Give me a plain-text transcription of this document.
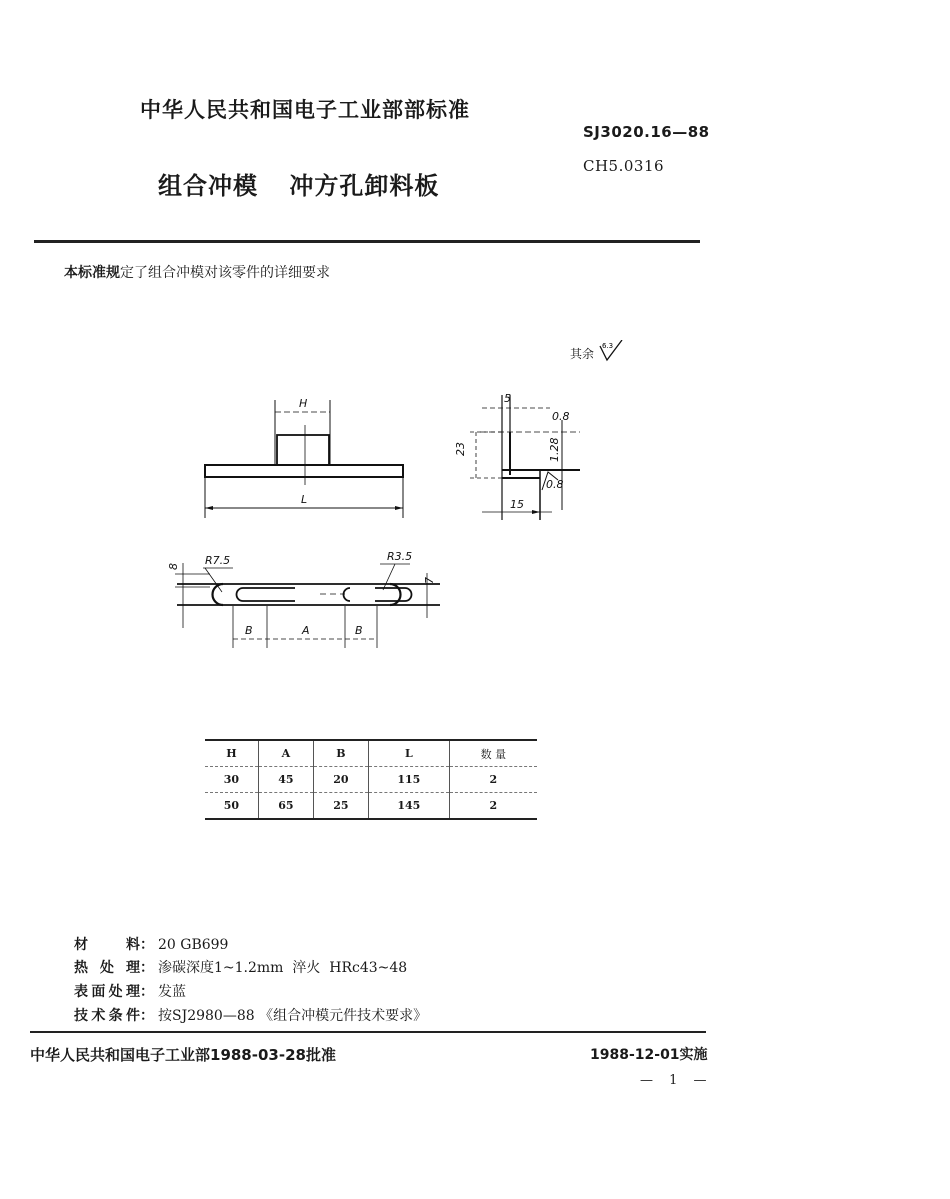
中华人民共和国电子工业部部标准
SJ3020.16—88
CH5.0316
组合冲模 冲方孔卸料板
本标准规定了组合冲模对该零件的详细要求
其余
6.3
H
L
5
0.8
1.28
0.8
23
15
8 R7.5	R3.5
7
B	A	B
H	A	B	L	数 量
30	45	20	115	2
50	65	25	145	2
材料： 20 GB699
热处理： 渗碳深度1~1.2mm  淬火  HRc43~48
表面处理： 发蓝
技术条件： 按SJ2980—88 《组合冲模元件技术要求》
中华人民共和国电子工业部1988-03-28批准	1988-12-01实施
— 1 —
